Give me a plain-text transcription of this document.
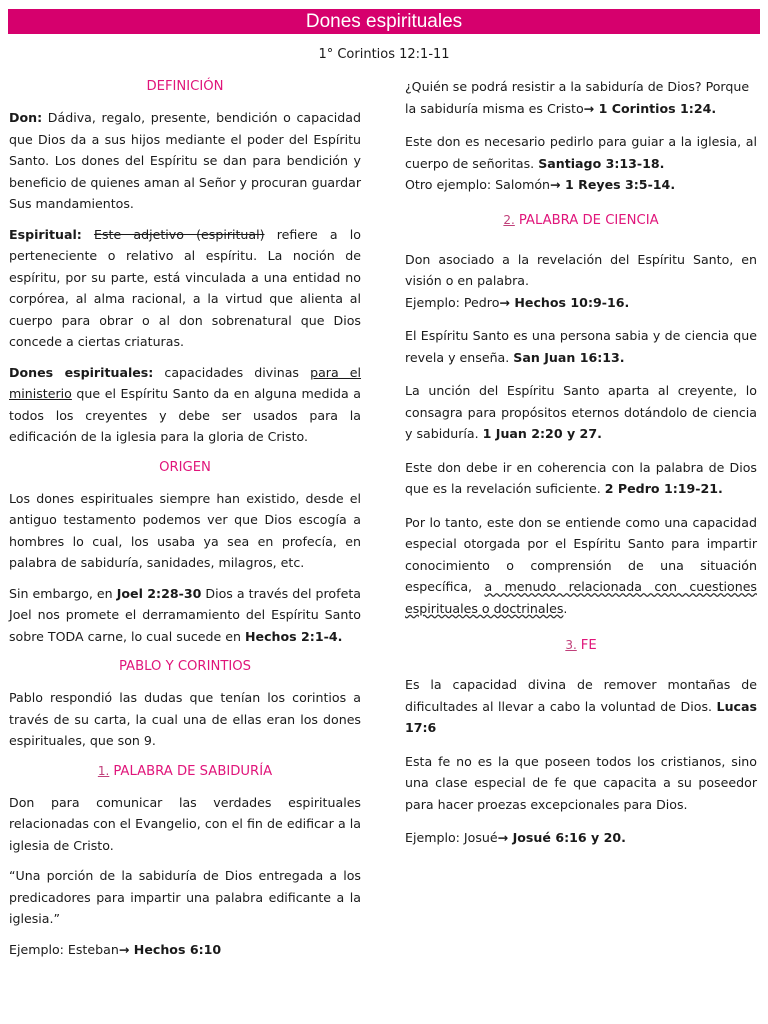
Dones espirituales
1° Corintios 12:1-11
DEFINICIÓN

Don: Dádiva, regalo, presente, bendición o capacidad que Dios da a sus hijos mediante el poder del Espíritu Santo. Los dones del Espíritu se dan para bendición y beneficio de quienes aman al Señor y procuran guardar Sus mandamientos.

Espiritual: Este adjetivo (espiritual) refiere a lo perteneciente o relativo al espíritu. La noción de espíritu, por su parte, está vinculada a una entidad no corpórea, al alma racional, a la virtud que alienta al cuerpo para obrar o al don sobrenatural que Dios concede a ciertas criaturas.

Dones espirituales: capacidades divinas para el ministerio que el Espíritu Santo da en alguna medida a todos los creyentes y debe ser usados para la edificación de la iglesia para la gloria de Cristo.

ORIGEN

Los dones espirituales siempre han existido, desde el antiguo testamento podemos ver que Dios escogía a hombres lo cual, los usaba ya sea en profecía, en palabra de sabiduría, sanidades, milagros, etc.

Sin embargo, en Joel 2:28-30 Dios a través del profeta Joel nos promete el derramamiento del Espíritu Santo sobre TODA carne, lo cual sucede en Hechos 2:1-4.

PABLO Y CORINTIOS

Pablo respondió las dudas que tenían los corintios a través de su carta, la cual una de ellas eran los dones espirituales, que son 9.

1. PALABRA DE SABIDURÍA

Don para comunicar las verdades espirituales relacionadas con el Evangelio, con el fin de edificar a la iglesia de Cristo.

“Una porción de la sabiduría de Dios entregada a los predicadores para impartir una palabra edificante a la iglesia.”

Ejemplo: Esteban→ Hechos 6:10

¿Quién se podrá resistir a la sabiduría de Dios? Porque la sabiduría misma es Cristo→ 1 Corintios 1:24.

Este don es necesario pedirlo para guiar a la iglesia, al cuerpo de señoritas. Santiago 3:13-18.
Otro ejemplo: Salomón→ 1 Reyes 3:5-14.

2. PALABRA DE CIENCIA

Don asociado a la revelación del Espíritu Santo, en visión o en palabra.
Ejemplo: Pedro→ Hechos 10:9-16.

El Espíritu Santo es una persona sabia y de ciencia que revela y enseña. San Juan 16:13.

La unción del Espíritu Santo aparta al creyente, lo consagra para propósitos eternos dotándolo de ciencia y sabiduría. 1 Juan 2:20 y 27.

Este don debe ir en coherencia con la palabra de Dios que es la revelación suficiente. 2 Pedro 1:19-21.

Por lo tanto, este don se entiende como una capacidad especial otorgada por el Espíritu Santo para impartir conocimiento o comprensión de una situación específica, a menudo relacionada con cuestiones espirituales o doctrinales.

3. FE

Es la capacidad divina de remover montañas de dificultades al llevar a cabo la voluntad de Dios. Lucas 17:6

Esta fe no es la que poseen todos los cristianos, sino una clase especial de fe que capacita a su poseedor para hacer proezas excepcionales para Dios.

Ejemplo: Josué→ Josué 6:16 y 20.
